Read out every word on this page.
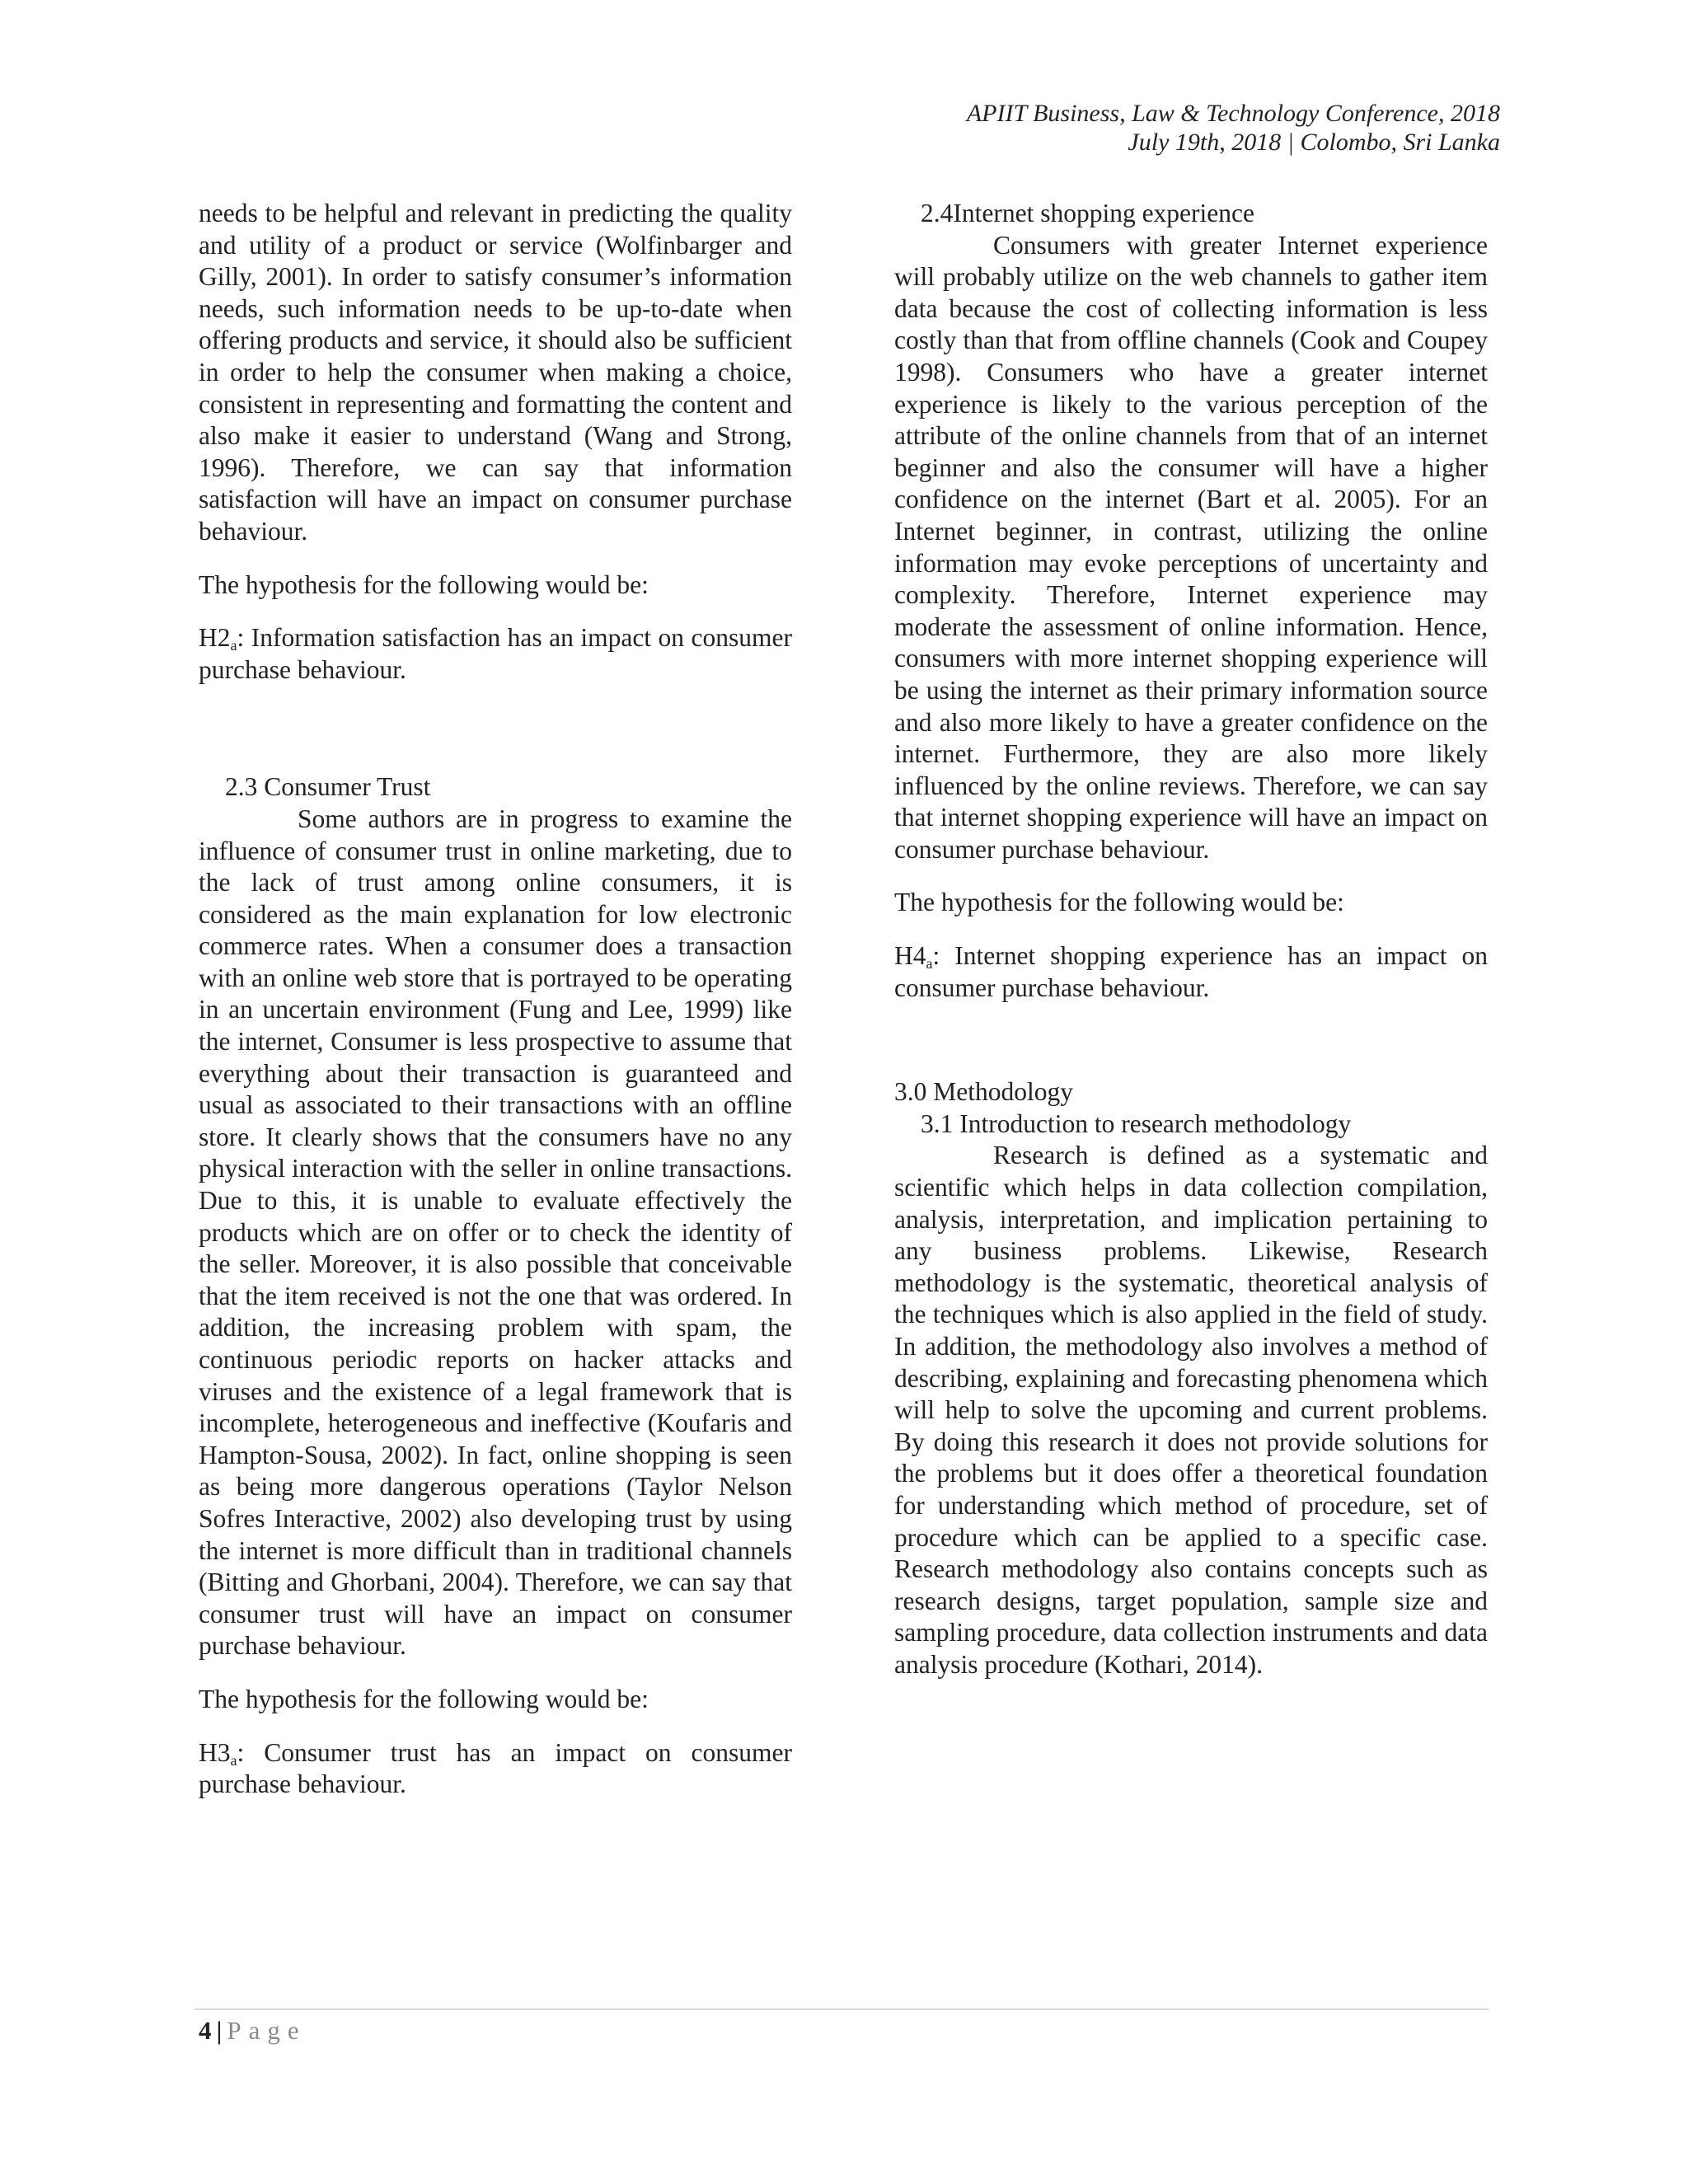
APIIT Business, Law & Technology Conference, 2018
July 19th, 2018 | Colombo, Sri Lanka

needs to be helpful and relevant in predicting the quality and utility of a product or service (Wolfinbarger and Gilly, 2001). In order to satisfy consumer’s information needs, such information needs to be up-to-date when offering products and service, it should also be sufficient in order to help the consumer when making a choice, consistent in representing and formatting the content and also make it easier to understand (Wang and Strong, 1996). Therefore, we can say that information satisfaction will have an impact on consumer purchase behaviour.

The hypothesis for the following would be:

$H2_a$: Information satisfaction has an impact on consumer purchase behaviour.

2.3 Consumer Trust

Some authors are in progress to examine the influence of consumer trust in online marketing, due to the lack of trust among online consumers, it is considered as the main explanation for low electronic commerce rates. When a consumer does a transaction with an online web store that is portrayed to be operating in an uncertain environment (Fung and Lee, 1999) like the internet, Consumer is less prospective to assume that everything about their transaction is guaranteed and usual as associated to their transactions with an offline store. It clearly shows that the consumers have no any physical interaction with the seller in online transactions. Due to this, it is unable to evaluate effectively the products which are on offer or to check the identity of the seller. Moreover, it is also possible that conceivable that the item received is not the one that was ordered. In addition, the increasing problem with spam, the continuous periodic reports on hacker attacks and viruses and the existence of a legal framework that is incomplete, heterogeneous and ineffective (Koufaris and Hampton-Sousa, 2002). In fact, online shopping is seen as being more dangerous operations (Taylor Nelson Sofres Interactive, 2002) also developing trust by using the internet is more difficult than in traditional channels (Bitting and Ghorbani, 2004). Therefore, we can say that consumer trust will have an impact on consumer purchase behaviour.

The hypothesis for the following would be:

$H3_a$: Consumer trust has an impact on consumer purchase behaviour.

2.4Internet shopping experience

Consumers with greater Internet experience will probably utilize on the web channels to gather item data because the cost of collecting information is less costly than that from offline channels (Cook and Coupey 1998). Consumers who have a greater internet experience is likely to the various perception of the attribute of the online channels from that of an internet beginner and also the consumer will have a higher confidence on the internet (Bart et al. 2005). For an Internet beginner, in contrast, utilizing the online information may evoke perceptions of uncertainty and complexity. Therefore, Internet experience may moderate the assessment of online information. Hence, consumers with more internet shopping experience will be using the internet as their primary information source and also more likely to have a greater confidence on the internet. Furthermore, they are also more likely influenced by the online reviews. Therefore, we can say that internet shopping experience will have an impact on consumer purchase behaviour.

The hypothesis for the following would be:

$H4_a$: Internet shopping experience has an impact on consumer purchase behaviour.

3.0 Methodology

3.1 Introduction to research methodology

Research is defined as a systematic and scientific which helps in data collection compilation, analysis, interpretation, and implication pertaining to any business problems. Likewise, Research methodology is the systematic, theoretical analysis of the techniques which is also applied in the field of study. In addition, the methodology also involves a method of describing, explaining and forecasting phenomena which will help to solve the upcoming and current problems. By doing this research it does not provide solutions for the problems but it does offer a theoretical foundation for understanding which method of procedure, set of procedure which can be applied to a specific case. Research methodology also contains concepts such as research designs, target population, sample size and sampling procedure, data collection instruments and data analysis procedure (Kothari, 2014).

4 | Page
